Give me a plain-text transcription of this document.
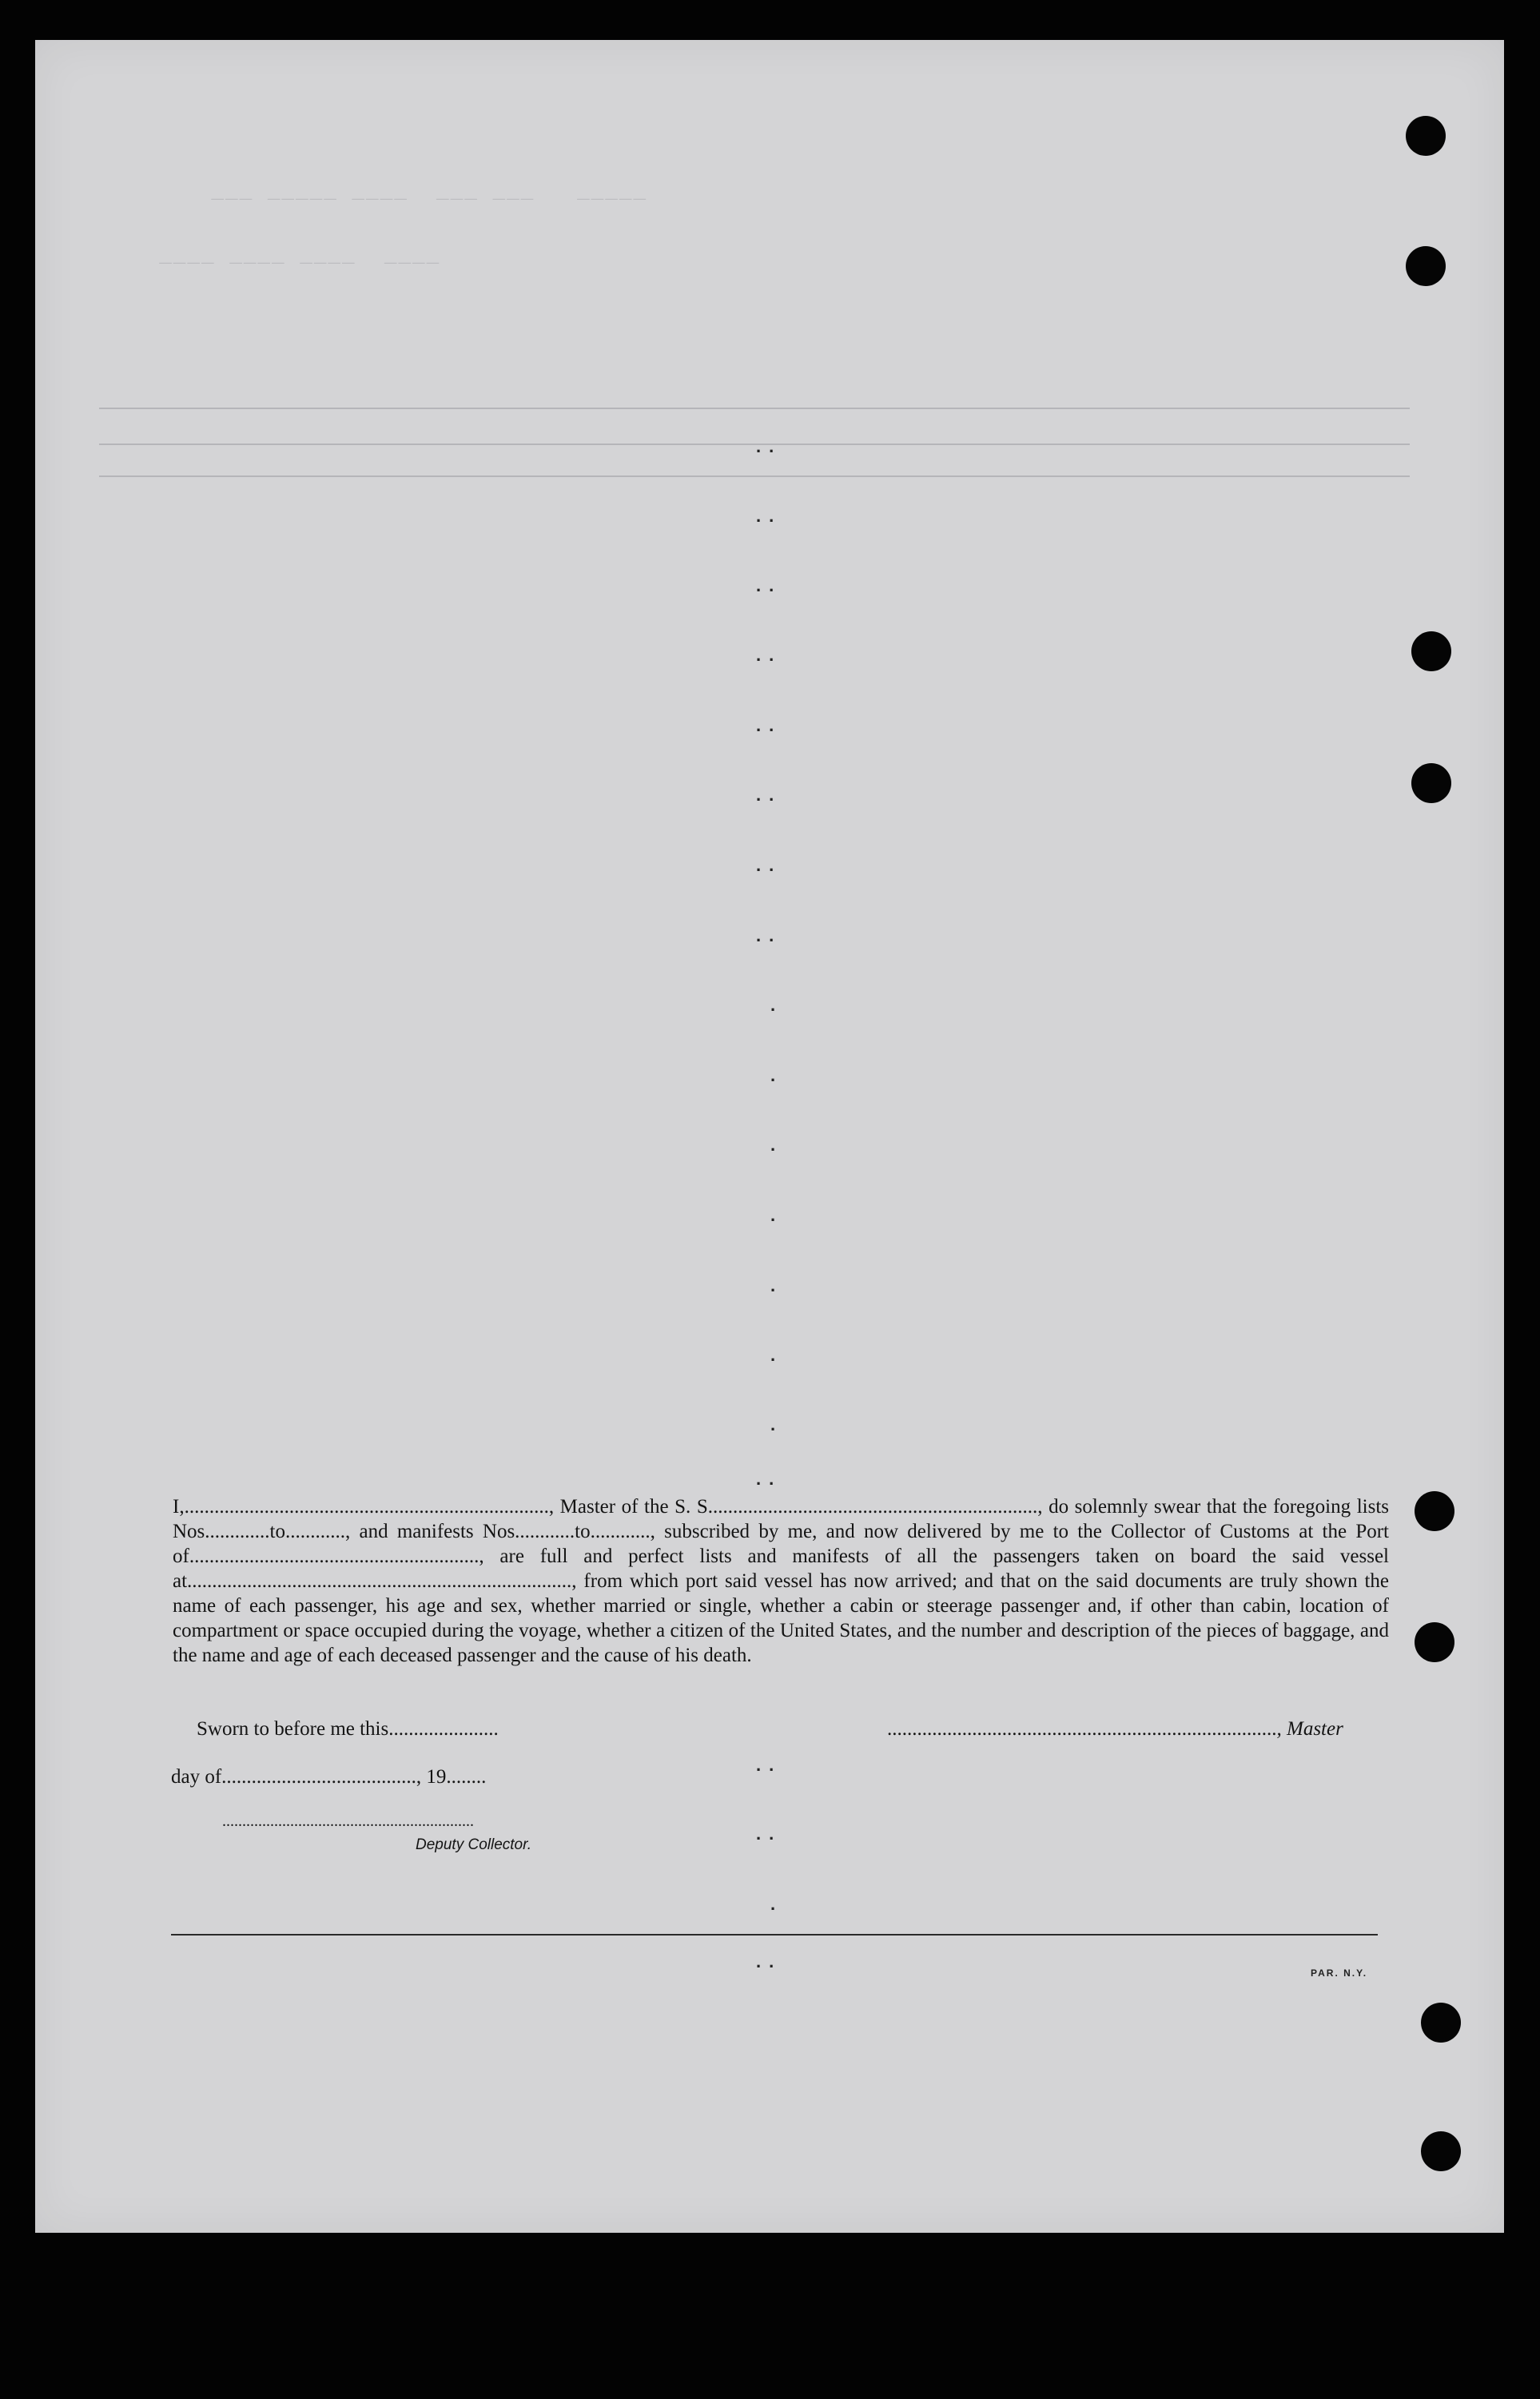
___ _____ ____  ___ ___   _____
____ ____ ____  ____
..
..
..
..
..
..
..
..
.
.
.
.
.
.
.
..
..
..
.
..

I,........................................................................., Master of the S. S.................................................................., do solemnly swear that the foregoing lists Nos.............to............, and manifests Nos............to............, subscribed by me, and now delivered by me to the Collector of Customs at the Port of.........................................................., are full and perfect lists and manifests of all the passengers taken on board the said vessel at............................................................................., from which port said vessel has now arrived; and that on the said documents are truly shown the name of each passenger, his age and sex, whether married or single, whether a cabin or steerage passenger and, if other than cabin, location of compartment or space occupied during the voyage, whether a citizen of the United States, and the number and description of the pieces of baggage, and the name and age of each deceased passenger and the cause of his death.

Sworn to before me this......................	.............................................................................., Master
day of......................................., 19........
...............................................................
Deputy Collector.
PAR. N.Y.
